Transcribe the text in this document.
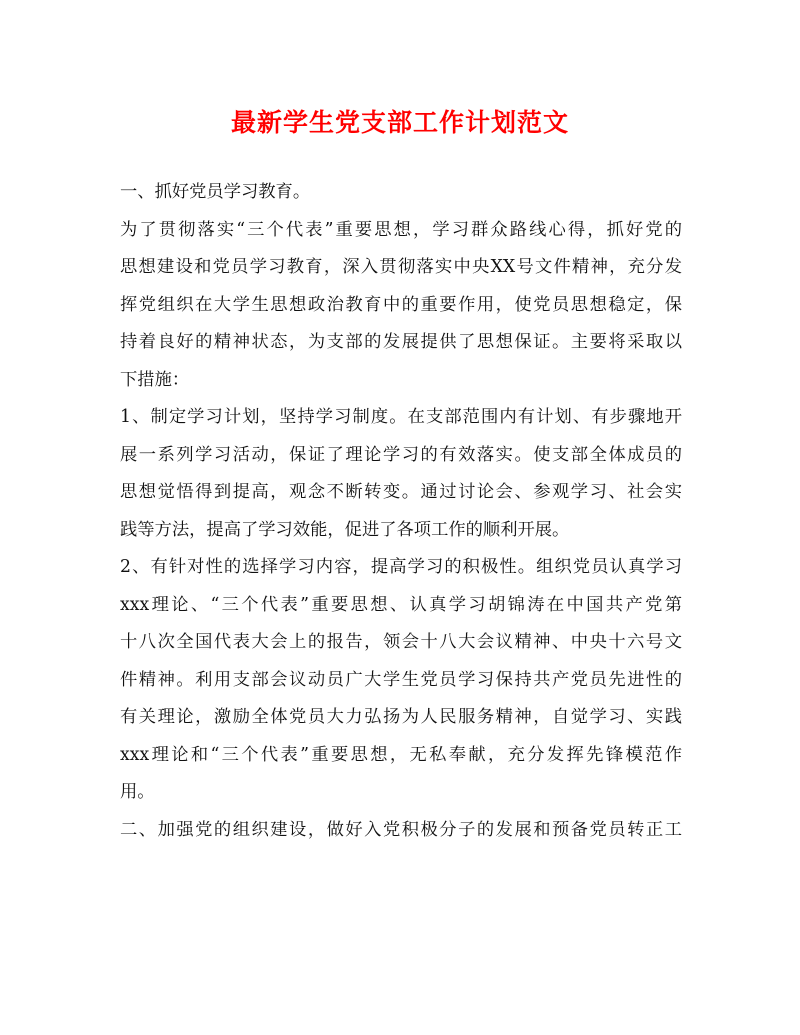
最新学生党支部工作计划范文
一、抓好党员学习教育。
为了贯彻落实“三个代表”重要思想，学习群众路线心得，抓好党的
思想建设和党员学习教育，深入贯彻落实中央XX号文件精神，充分发
挥党组织在大学生思想政治教育中的重要作用，使党员思想稳定，保
持着良好的精神状态，为支部的发展提供了思想保证。主要将采取以
下措施：
1、制定学习计划，坚持学习制度。在支部范围内有计划、有步骤地开
展一系列学习活动，保证了理论学习的有效落实。使支部全体成员的
思想觉悟得到提高，观念不断转变。通过讨论会、参观学习、社会实
践等方法，提高了学习效能，促进了各项工作的顺利开展。
2、有针对性的选择学习内容，提高学习的积极性。组织党员认真学习
xxx理论、“三个代表”重要思想、认真学习胡锦涛在中国共产党第
十八次全国代表大会上的报告，领会十八大会议精神、中央十六号文
件精神。利用支部会议动员广大学生党员学习保持共产党员先进性的
有关理论，激励全体党员大力弘扬为人民服务精神，自觉学习、实践
xxx理论和“三个代表”重要思想，无私奉献，充分发挥先锋模范作
用。
二、加强党的组织建设，做好入党积极分子的发展和预备党员转正工
